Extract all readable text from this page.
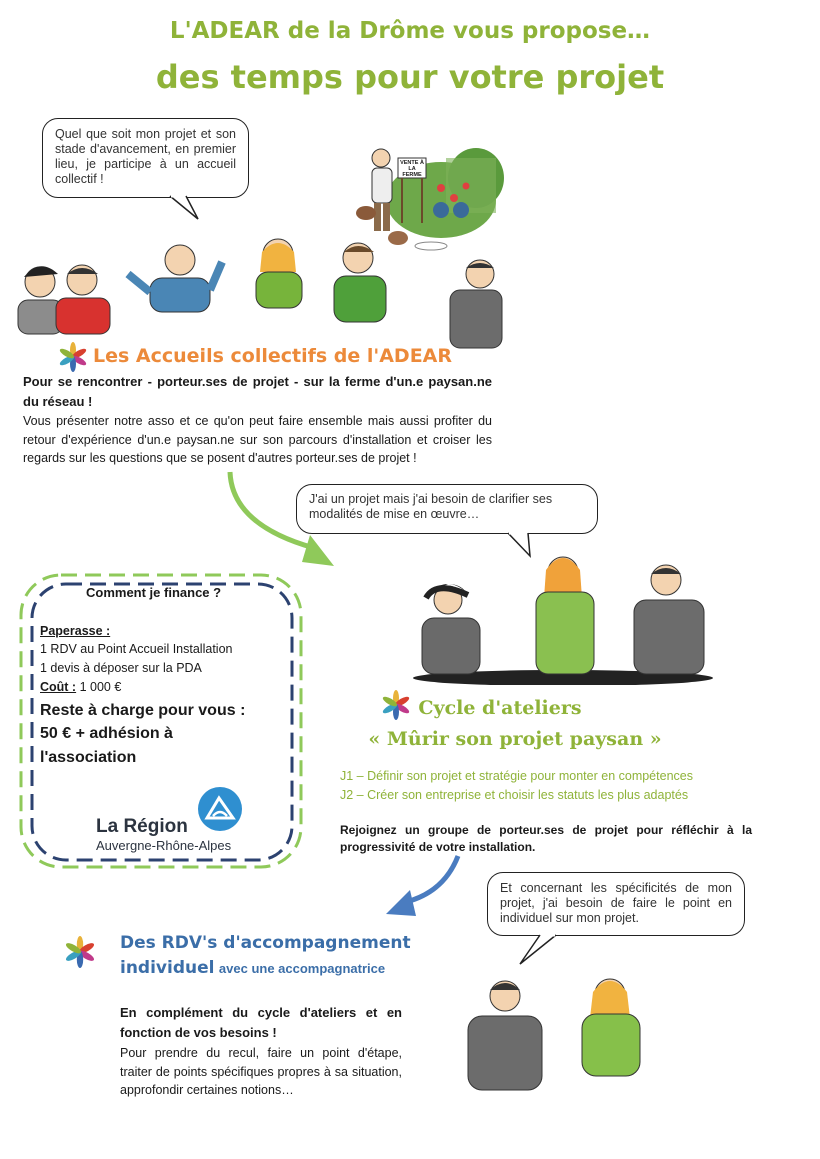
L'ADEAR de la Drôme vous propose…
des temps pour votre projet
Quel que soit mon projet et son stade d'avancement, en premier lieu, je participe à un accueil collectif !
VENTE À LA FERME
Les Accueils collectifs de l'ADEAR
Pour se rencontrer - porteur.ses de projet - sur la ferme d'un.e paysan.ne du réseau !
Vous présenter notre asso et ce qu'on peut faire ensemble mais aussi profiter du retour d'expérience d'un.e paysan.ne sur son parcours d'installation et croiser les regards sur les questions que se posent d'autres porteur.ses de projet !
J'ai un projet mais j'ai besoin de clarifier ses modalités de mise en œuvre…
Comment je finance ?
Paperasse :
1 RDV au Point Accueil Installation
1 devis à déposer sur la PDA
Coût : 1 000 €
Reste à charge pour vous :
50 € + adhésion à
l'association
La Région
Auvergne-Rhône-Alpes
Cycle d'ateliers
« Mûrir son projet paysan »
J1 – Définir son projet et stratégie pour monter en compétences
J2 – Créer son entreprise et choisir les statuts les plus adaptés
Rejoignez un groupe de porteur.ses de projet pour réfléchir à la progressivité de votre installation.
Et concernant les spécificités de mon projet, j'ai besoin de faire le point en individuel sur mon projet.
Des RDV's d'accompagnement
individuel avec une accompagnatrice
En complément du cycle d'ateliers et en fonction de vos besoins !
Pour prendre du recul, faire un point d'étape, traiter de points spécifiques propres à sa situation, approfondir certaines notions…
